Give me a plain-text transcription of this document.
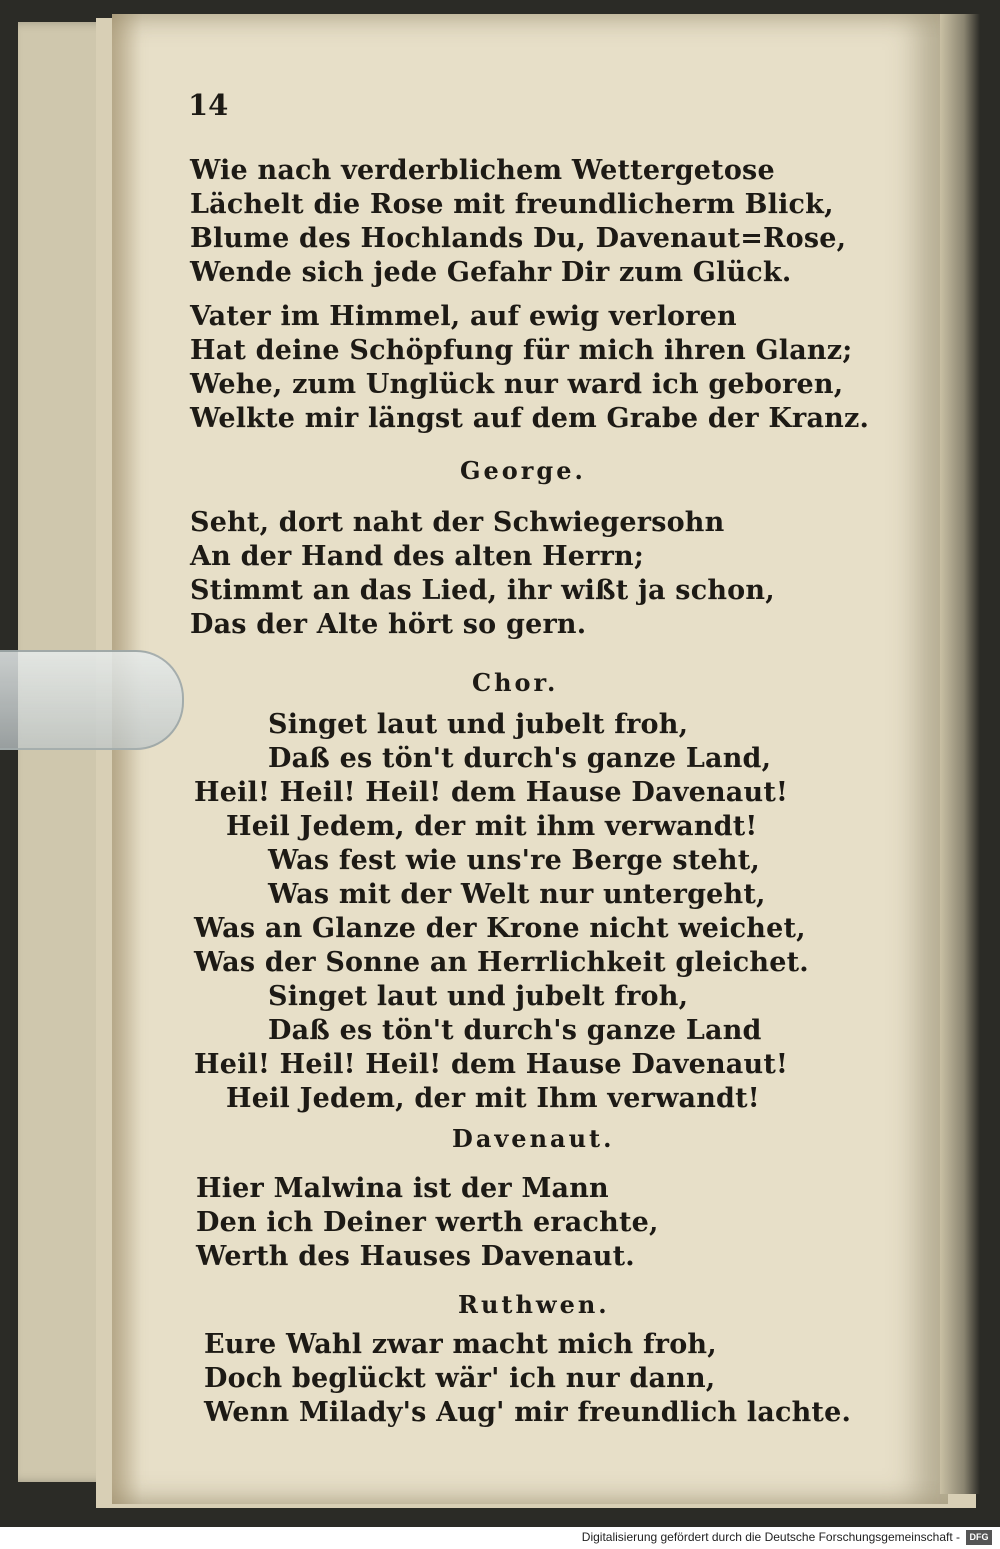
14
Wie nach verderblichem Wettergetose
Lächelt die Rose mit freundlicherm Blick,
Blume des Hochlands Du, Davenaut=Rose,
Wende sich jede Gefahr Dir zum Glück.
Vater im Himmel, auf ewig verloren
Hat deine Schöpfung für mich ihren Glanz;
Wehe, zum Unglück nur ward ich geboren,
Welkte mir längst auf dem Grabe der Kranz.
George.
Seht, dort naht der Schwiegersohn
An der Hand des alten Herrn;
Stimmt an das Lied, ihr wißt ja schon,
Das der Alte hört so gern.
Chor.
Singet laut und jubelt froh,
Daß es tön't durch's ganze Land,
Heil! Heil! Heil! dem Hause Davenaut!
Heil Jedem, der mit ihm verwandt!
Was fest wie uns're Berge steht,
Was mit der Welt nur untergeht,
Was an Glanze der Krone nicht weichet,
Was der Sonne an Herrlichkeit gleichet.
Singet laut und jubelt froh,
Daß es tön't durch's ganze Land
Heil! Heil! Heil! dem Hause Davenaut!
Heil Jedem, der mit Ihm verwandt!
Davenaut.
Hier Malwina ist der Mann
Den ich Deiner werth erachte,
Werth des Hauses Davenaut.
Ruthwen.
Eure Wahl zwar macht mich froh,
Doch beglückt wär' ich nur dann,
Wenn Milady's Aug' mir freundlich lachte.
Digitalisierung gefördert durch die Deutsche Forschungsgemeinschaft -	DFG
